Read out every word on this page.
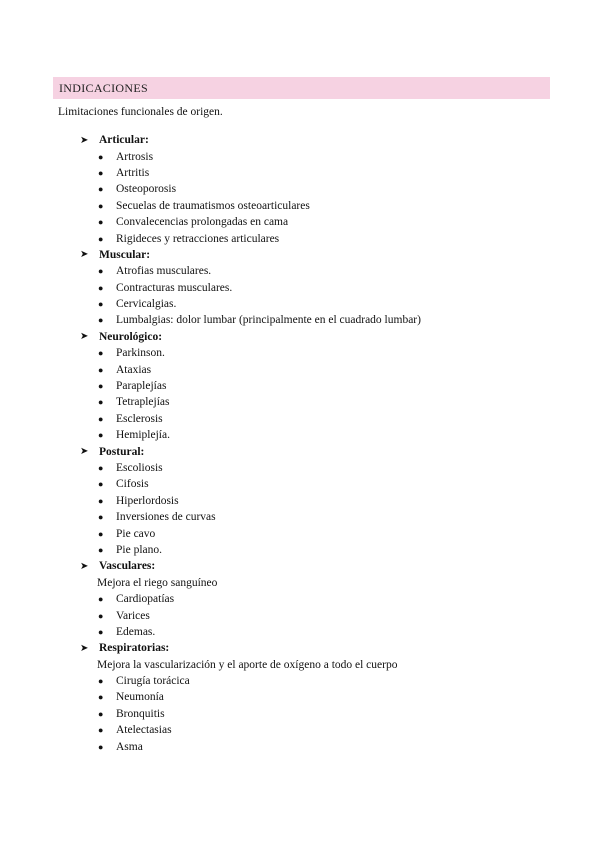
INDICACIONES
Limitaciones funcionales de origen.
➤ Articular:
●	Artrosis
●	Artritis
●	Osteoporosis
●	Secuelas de traumatismos osteoarticulares
●	Convalecencias prolongadas en cama
●	Rigideces y retracciones articulares
➤ Muscular:
●	Atrofias musculares.
●	Contracturas musculares.
●	Cervicalgias.
●	Lumbalgias: dolor lumbar (principalmente en el cuadrado lumbar)
➤ Neurológico:
●	Parkinson.
●	Ataxias
●	Paraplejías
●	Tetraplejías
●	Esclerosis
●	Hemiplejía.
➤ Postural:
●	Escoliosis
●	Cifosis
●	Hiperlordosis
●	Inversiones de curvas
●	Pie cavo
●	Pie plano.
➤ Vasculares:
Mejora el riego sanguíneo
●	Cardiopatías
●	Varices
●	Edemas.
➤ Respiratorias:
Mejora la vascularización y el aporte de oxígeno a todo el cuerpo
●	Cirugía torácica
●	Neumonía
●	Bronquitis
●	Atelectasias
●	Asma
